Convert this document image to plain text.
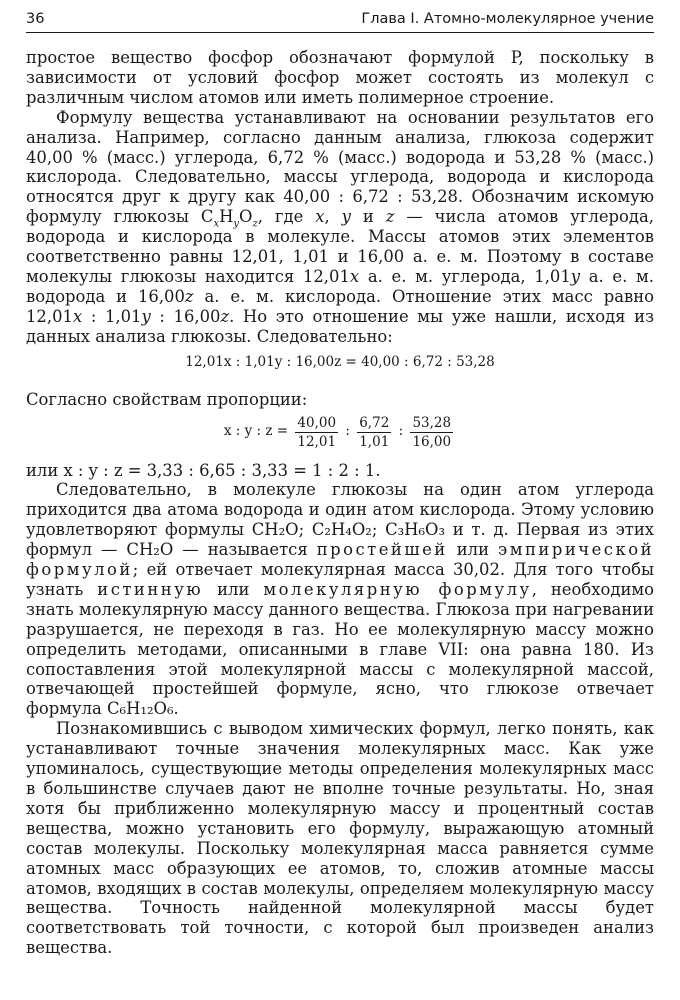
36	Глава I. Атомно-молекулярное учение

простое вещество фосфор обозначают формулой P, поскольку в зависимости от условий фосфор может состоять из молекул с различным числом атомов или иметь полимерное строение.

Формулу вещества устанавливают на основании результатов его анализа. Например, согласно данным анализа, глюкоза содержит 40,00 % (масс.) углерода, 6,72 % (масс.) водорода и 53,28 % (масс.) кислорода. Следовательно, массы углерода, водорода и кислорода относятся друг к другу как 40,00 : 6,72 : 53,28. Обозначим искомую формулу глюкозы $C_xH_yO_z$, где x, y и z — числа атомов углерода, водорода и кислорода в молекуле. Массы атомов этих элементов соответственно равны 12,01, 1,01 и 16,00 а. е. м. Поэтому в составе молекулы глюкозы находится 12,01x а. е. м. углерода, 1,01y а. е. м. водорода и 16,00z а. е. м. кислорода. Отношение этих масс равно 12,01x : 1,01y : 16,00z. Но это отношение мы уже нашли, исходя из данных анализа глюкозы. Следовательно:

12,01x : 1,01y : 16,00z = 40,00 : 6,72 : 53,28

Согласно свойствам пропорции:

x : y : $z = \frac{40,00}{12,01}$ : $\frac{6,72}{1,01}$ : $\frac{53,28}{16,00}$

или x : y : z = 3,33 : 6,65 : 3,33 = 1 : 2 : 1.

Следовательно, в молекуле глюкозы на один атом углерода приходится два атома водорода и один атом кислорода. Этому условию удовлетворяют формулы CH₂O; C₂H₄O₂; C₃H₆O₃ и т. д. Первая из этих формул — CH₂O — называется простейшей или эмпирической формулой; ей отвечает молекулярная масса 30,02. Для того чтобы узнать истинную или молекулярную формулу, необходимо знать молекулярную массу данного вещества. Глюкоза при нагревании разрушается, не переходя в газ. Но ее молекулярную массу можно определить методами, описанными в главе VII: она равна 180. Из сопоставления этой молекулярной массы с молекулярной массой, отвечающей простейшей формуле, ясно, что глюкозе отвечает формула C₆H₁₂O₆.

Познакомившись с выводом химических формул, легко понять, как устанавливают точные значения молекулярных масс. Как уже упоминалось, существующие методы определения молекулярных масс в большинстве случаев дают не вполне точные результаты. Но, зная хотя бы приближенно молекулярную массу и процентный состав вещества, можно установить его формулу, выражающую атомный состав молекулы. Поскольку молекулярная масса равняется сумме атомных масс образующих ее атомов, то, сложив атомные массы атомов, входящих в состав молекулы, определяем молекулярную массу вещества. Точность найденной молекулярной массы будет соответствовать той точности, с которой был произведен анализ вещества.
